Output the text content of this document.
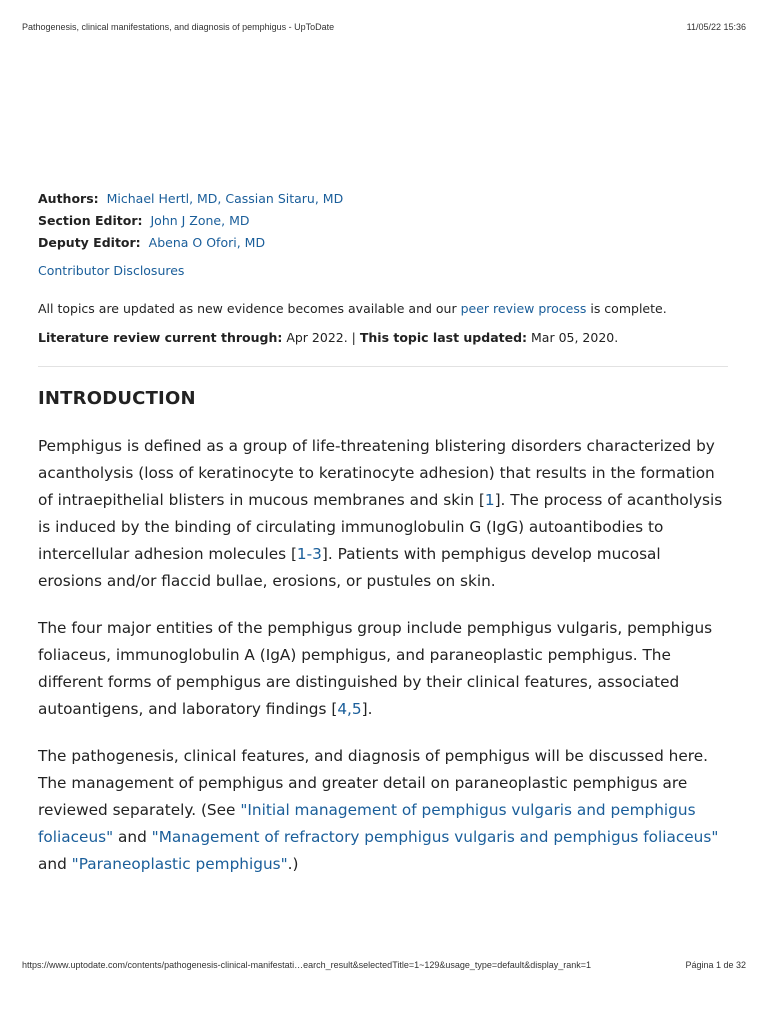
Pathogenesis, clinical manifestations, and diagnosis of pemphigus - UpToDate	11/05/22 15:36
Authors: Michael Hertl, MD, Cassian Sitaru, MD
Section Editor: John J Zone, MD
Deputy Editor: Abena O Ofori, MD
Contributor Disclosures
All topics are updated as new evidence becomes available and our peer review process is complete.
Literature review current through: Apr 2022. | This topic last updated: Mar 05, 2020.
INTRODUCTION

Pemphigus is defined as a group of life-threatening blistering disorders characterized by acantholysis (loss of keratinocyte to keratinocyte adhesion) that results in the formation of intraepithelial blisters in mucous membranes and skin [1]. The process of acantholysis is induced by the binding of circulating immunoglobulin G (IgG) autoantibodies to intercellular adhesion molecules [1-3]. Patients with pemphigus develop mucosal erosions and/or flaccid bullae, erosions, or pustules on skin.

The four major entities of the pemphigus group include pemphigus vulgaris, pemphigus foliaceus, immunoglobulin A (IgA) pemphigus, and paraneoplastic pemphigus. The different forms of pemphigus are distinguished by their clinical features, associated autoantigens, and laboratory findings [4,5].

The pathogenesis, clinical features, and diagnosis of pemphigus will be discussed here. The management of pemphigus and greater detail on paraneoplastic pemphigus are reviewed separately. (See "Initial management of pemphigus vulgaris and pemphigus foliaceus" and "Management of refractory pemphigus vulgaris and pemphigus foliaceus" and "Paraneoplastic pemphigus".)

https://www.uptodate.com/contents/pathogenesis-clinical-manifestati…earch_result&selectedTitle=1~129&usage_type=default&display_rank=1	Página 1 de 32
